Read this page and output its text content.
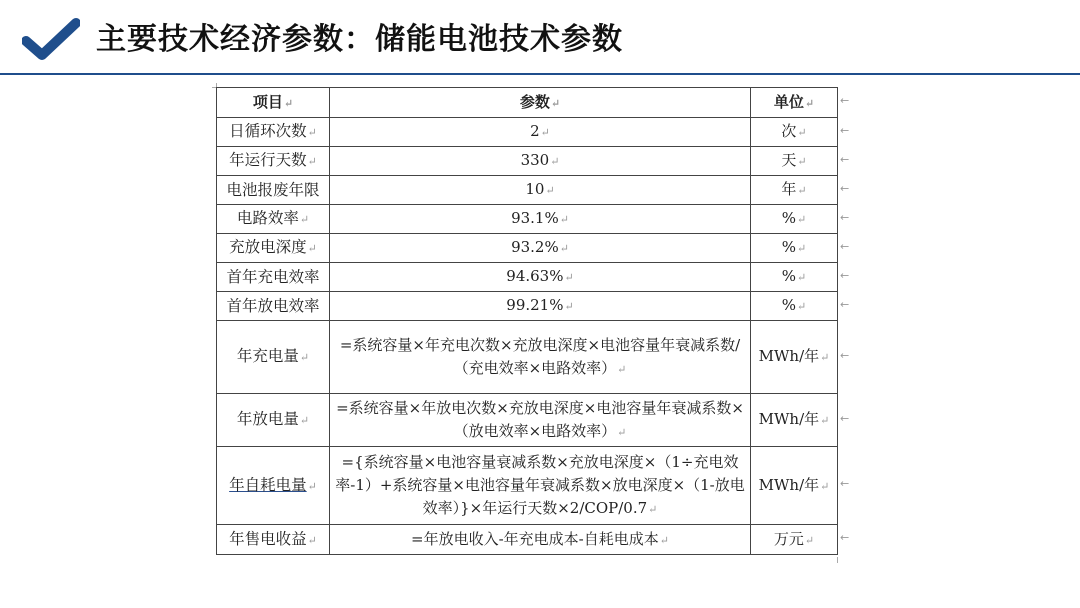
主要技术经济参数：储能电池技术参数
项目↵	参数↵	单位↵
日循环次数↵	2↵	次↵
年运行天数↵	330↵	天↵
电池报废年限	10↵	年↵
电路效率↵	93.1%↵	%↵
充放电深度↵	93.2%↵	%↵
首年充电效率	94.63%↵	%↵
首年放电效率	99.21%↵	%↵
年充电量↵	=系统容量×年充电次数×充放电深度×电池容量年衰减系数/（充电效率×电路效率）↵	MWh/年↵
年放电量↵	=系统容量×年放电次数×充放电深度×电池容量年衰减系数×（放电效率×电路效率）↵	MWh/年↵
年自耗电量↵	={系统容量×电池容量衰减系数×充放电深度×（1÷充电效率-1）+系统容量×电池容量年衰减系数×放电深度×（1-放电效率）}×年运行天数×2/COP/0.7↵	MWh/年↵
年售电收益↵	=年放电收入-年充电成本-自耗电成本↵	万元↵
←
←
←
←
←
←
←
←
←
←
←
←
